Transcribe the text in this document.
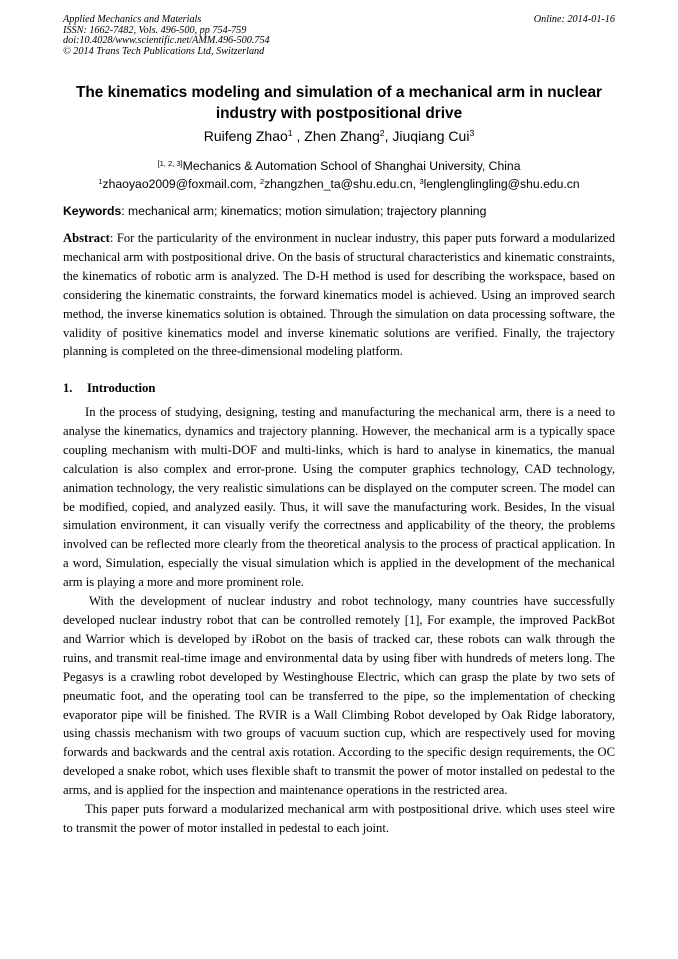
Applied Mechanics and Materials
ISSN: 1662-7482, Vols. 496-500, pp 754-759
doi:10.4028/www.scientific.net/AMM.496-500.754
© 2014 Trans Tech Publications Ltd, Switzerland
Online: 2014-01-16
The kinematics modeling and simulation of a mechanical arm in nuclear industry with postpositional drive
Ruifeng Zhao$^1$ , Zhen Zhang$^2$, Jiuqiang Cui$^3$
[1, 2, 3]Mechanics & Automation School of Shanghai University, China
$^1$zhaoyao2009@foxmail.com, $^2$zhangzhen_ta@shu.edu.cn, $^3$lenglenglingling@shu.edu.cn
Keywords: mechanical arm; kinematics; motion simulation; trajectory planning

Abstract: For the particularity of the environment in nuclear industry, this paper puts forward a modularized mechanical arm with postpositional drive. On the basis of structural characteristics and kinematic constraints, the kinematics of robotic arm is analyzed. The D-H method is used for describing the workspace, based on considering the kinematic constraints, the forward kinematics model is achieved. Using an improved search method, the inverse kinematics solution is obtained. Through the simulation on data processing software, the validity of positive kinematics model and inverse kinematic solutions are verified. Finally, the trajectory planning is completed on the three-dimensional modeling platform.

1. Introduction

In the process of studying, designing, testing and manufacturing the mechanical arm, there is a need to analyse the kinematics, dynamics and trajectory planning. However, the mechanical arm is a typically space coupling mechanism with multi-DOF and multi-links, which is hard to analyse in kinematics, the manual calculation is also complex and error-prone. Using the computer graphics technology, CAD technology, animation technology, the very realistic simulations can be displayed on the computer screen. The model can be modified, copied, and analyzed easily. Thus, it will save the manufacturing work. Besides, In the visual simulation environment, it can visually verify the correctness and applicability of the theory, the problems involved can be reflected more clearly from the theoretical analysis to the process of practical application. In a word, Simulation, especially the visual simulation which is applied in the development of the mechanical arm is playing a more and more prominent role.

With the development of nuclear industry and robot technology, many countries have successfully developed nuclear industry robot that can be controlled remotely [1], For example, the improved PackBot and Warrior which is developed by iRobot on the basis of tracked car, these robots can walk through the ruins, and transmit real-time image and environmental data by using fiber with hundreds of meters long. The Pegasys is a crawling robot developed by Westinghouse Electric, which can grasp the plate by two sets of pneumatic foot, and the operating tool can be transferred to the pipe, so the implementation of checking evaporator pipe will be finished. The RVIR is a Wall Climbing Robot developed by Oak Ridge laboratory, using chassis mechanism with two groups of vacuum suction cup, which are respectively used for moving forwards and backwards and the central axis rotation. According to the specific design requirements, the OC developed a snake robot, which uses flexible shaft to transmit the power of motor installed on pedestal to the arms, and is applied for the inspection and maintenance operations in the restricted area.

This paper puts forward a modularized mechanical arm with postpositional drive. which uses steel wire to transmit the power of motor installed in pedestal to each joint.
